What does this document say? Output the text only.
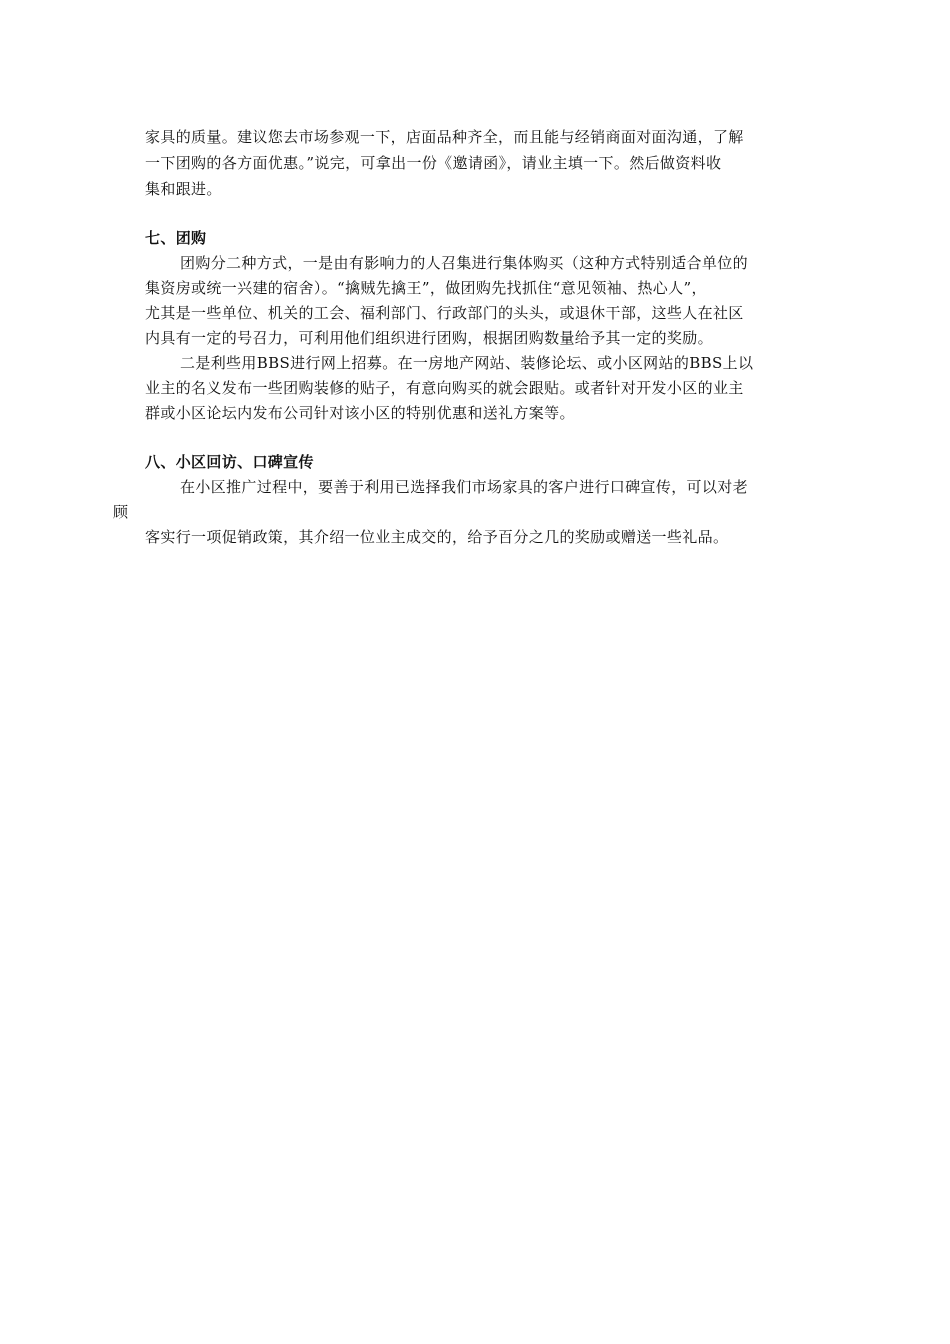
家具的质量。建议您去市场参观一下，店面品种齐全，而且能与经销商面对面沟通，了解
一下团购的各方面优惠。”说完，可拿出一份《邀请函》，请业主填一下。然后做资料收
集和跟进。
七、团购
团购分二种方式，一是由有影响力的人召集进行集体购买（这种方式特别适合单位的
集资房或统一兴建的宿舍）。“擒贼先擒王”，做团购先找抓住“意见领袖、热心人”，
尤其是一些单位、机关的工会、福利部门、行政部门的头头，或退休干部，这些人在社区
内具有一定的号召力，可利用他们组织进行团购，根据团购数量给予其一定的奖励。
二是利些用BBS进行网上招募。在一房地产网站、装修论坛、或小区网站的BBS上以
业主的名义发布一些团购装修的贴子，有意向购买的就会跟贴。或者针对开发小区的业主
群或小区论坛内发布公司针对该小区的特别优惠和送礼方案等。
八、小区回访、口碑宣传
在小区推广过程中，要善于利用已选择我们市场家具的客户进行口碑宣传，可以对老
顾
客实行一项促销政策，其介绍一位业主成交的，给予百分之几的奖励或赠送一些礼品。
